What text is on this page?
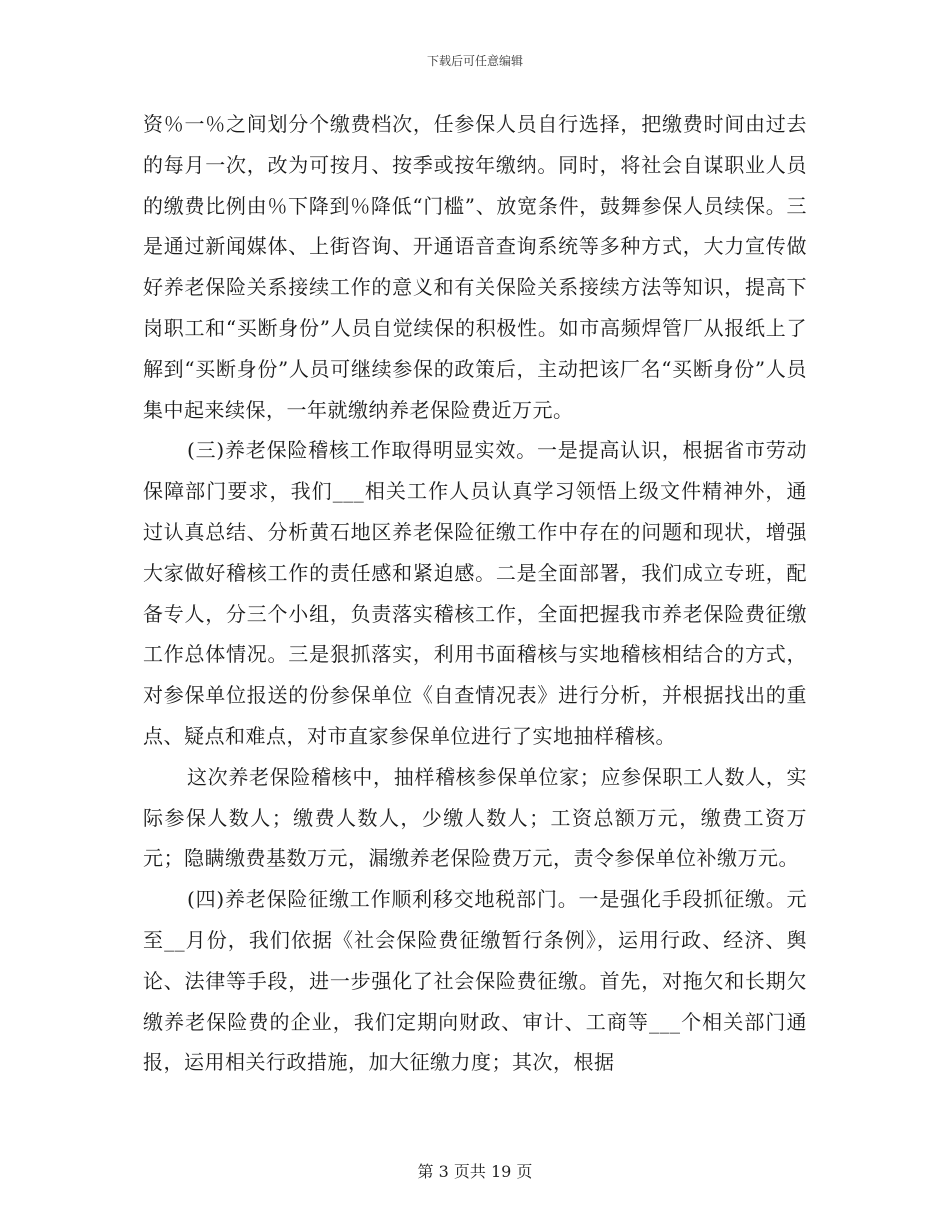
下载后可任意编辑

资％一％之间划分个缴费档次，任参保人员自行选择，把缴费时间由过去的每月一次，改为可按月、按季或按年缴纳。同时，将社会自谋职业人员的缴费比例由％下降到％降低“门槛”、放宽条件，鼓舞参保人员续保。三是通过新闻媒体、上街咨询、开通语音查询系统等多种方式，大力宣传做好养老保险关系接续工作的意义和有关保险关系接续方法等知识，提高下岗职工和“买断身份”人员自觉续保的积极性。如市高频焊管厂从报纸上了解到“买断身份”人员可继续参保的政策后，主动把该厂名“买断身份”人员集中起来续保，一年就缴纳养老保险费近万元。

(三)养老保险稽核工作取得明显实效。一是提高认识，根据省市劳动保障部门要求，我们___相关工作人员认真学习领悟上级文件精神外，通过认真总结、分析黄石地区养老保险征缴工作中存在的问题和现状，增强大家做好稽核工作的责任感和紧迫感。二是全面部署，我们成立专班，配备专人，分三个小组，负责落实稽核工作，全面把握我市养老保险费征缴工作总体情况。三是狠抓落实，利用书面稽核与实地稽核相结合的方式，对参保单位报送的份参保单位《自查情况表》进行分析，并根据找出的重点、疑点和难点，对市直家参保单位进行了实地抽样稽核。

这次养老保险稽核中，抽样稽核参保单位家；应参保职工人数人，实际参保人数人；缴费人数人，少缴人数人；工资总额万元，缴费工资万元；隐瞒缴费基数万元，漏缴养老保险费万元，责令参保单位补缴万元。

(四)养老保险征缴工作顺利移交地税部门。一是强化手段抓征缴。元至__月份，我们依据《社会保险费征缴暂行条例》，运用行政、经济、舆论、法律等手段，进一步强化了社会保险费征缴。首先，对拖欠和长期欠缴养老保险费的企业，我们定期向财政、审计、工商等___个相关部门通报，运用相关行政措施，加大征缴力度；其次，根据

第 3 页共 19 页
